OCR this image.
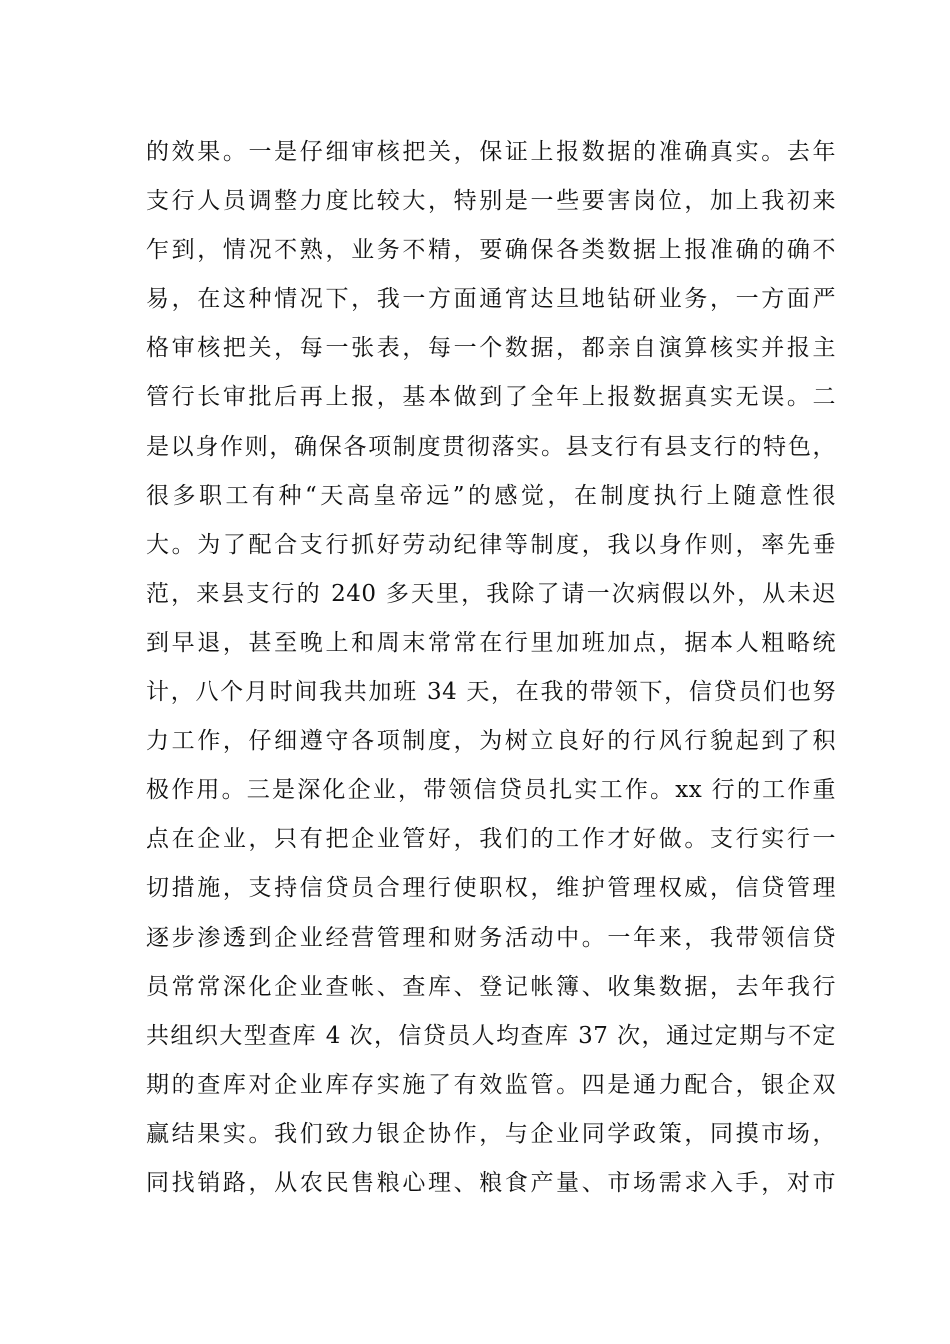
的效果。一是仔细审核把关，保证上报数据的准确真实。去年
支行人员调整力度比较大，特别是一些要害岗位，加上我初来
乍到，情况不熟，业务不精，要确保各类数据上报准确的确不
易，在这种情况下，我一方面通宵达旦地钻研业务，一方面严
格审核把关，每一张表，每一个数据，都亲自演算核实并报主
管行长审批后再上报，基本做到了全年上报数据真实无误。二
是以身作则，确保各项制度贯彻落实。县支行有县支行的特色，
很多职工有种“天高皇帝远”的感觉，在制度执行上随意性很
大。为了配合支行抓好劳动纪律等制度，我以身作则，率先垂
范，来县支行的 240 多天里，我除了请一次病假以外，从未迟
到早退，甚至晚上和周末常常在行里加班加点，据本人粗略统
计，八个月时间我共加班 34 天，在我的带领下，信贷员们也努
力工作，仔细遵守各项制度，为树立良好的行风行貌起到了积
极作用。三是深化企业，带领信贷员扎实工作。xx 行的工作重
点在企业，只有把企业管好，我们的工作才好做。支行实行一
切措施，支持信贷员合理行使职权，维护管理权威，信贷管理
逐步渗透到企业经营管理和财务活动中。一年来，我带领信贷
员常常深化企业查帐、查库、登记帐簿、收集数据，去年我行
共组织大型查库 4 次，信贷员人均查库 37 次，通过定期与不定
期的查库对企业库存实施了有效监管。四是通力配合，银企双
赢结果实。我们致力银企协作，与企业同学政策，同摸市场，
同找销路，从农民售粮心理、粮食产量、市场需求入手，对市
